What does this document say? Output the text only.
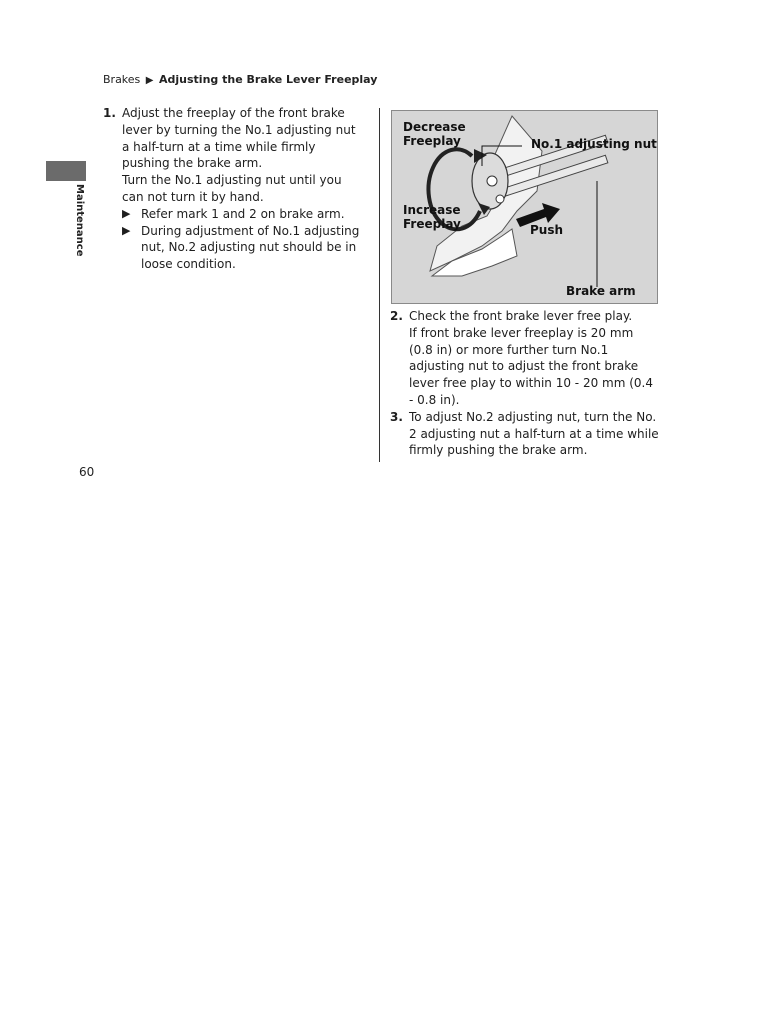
Brakes ▶ Adjusting the Brake Lever Freeplay
Maintenance
1. Adjust the freeplay of the front brake lever by turning the No.1 adjusting nut a half-turn at a time while firmly pushing the brake arm.
Turn the No.1 adjusting nut until you can not turn it by hand.
▶ Refer mark 1 and 2 on brake arm.
▶ During adjustment of No.1 adjusting nut, No.2 adjusting nut should be in loose condition.
Decrease
Freeplay	No.1 adjusting nut
Increase
Freeplay	Push
Brake arm
2. Check the front brake lever free play.
If front brake lever freeplay is 20 mm (0.8 in) or more further turn No.1 adjusting nut to adjust the front brake lever free play to within 10 - 20 mm (0.4 - 0.8 in).
3. To adjust No.2 adjusting nut, turn the No. 2 adjusting nut a half-turn at a time while firmly pushing the brake arm.
60
